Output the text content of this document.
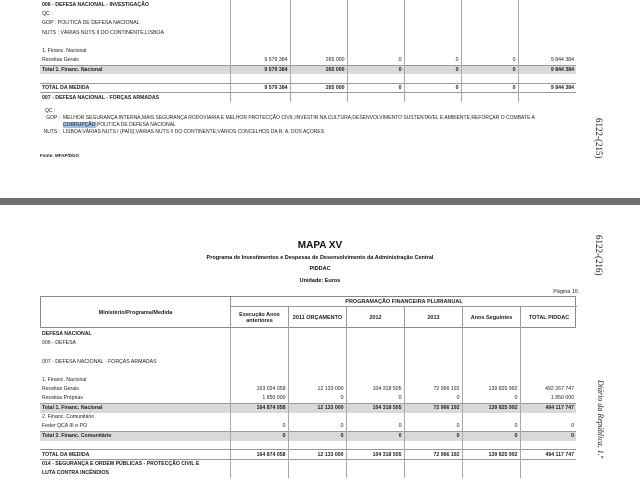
006 - DEFESA NACIONAL - INVESTIGAÇÃO						
QC :						
GOP : POLITICA DE DEFESA NACIONAL						
NUTS : VÁRIAS NUTS II DO CONTINENTE,LISBOA						

1. Financ. Nacional						
Receitas Gerais	9 579 384	265 000	0	0	0	9 844 384
Total 1. Financ. Nacional	9 579 384	265 000	0	0	0	9 844 384

TOTAL DA MEDIDA	9 579 384	265 000	0	0	0	9 844 384
007 - DEFESA NACIONAL - FORÇAS ARMADAS						
QC :
GOP : MELHOR SEGURANÇA INTERNA,MAIS SEGURANÇA RODOVIARIA E MELHOR PROTECÇÃO CIVIL;INVESTIR NA CULTURA;DESENVOLVIMENTO SUSTENTAVEL E AMBIENTE;REFORÇAR O COMBATE A
CORRUPÇÃO;POLITICA DE DEFESA NACIONAL
NUTS : LISBOA;VÁRIAS NUTS I (PAÍS);VÁRIAS NUTS II DO CONTINENTE;VÁRIOS CONCELHOS DA R. A. DOS AÇORES
Fonte: MFAP/DGO	6122-(215)
6122-(216)
Diário da República, 1.ª
MAPA XV
Programa de Investimentos e Despesas de Desenvolvimento da Administração Central
PIDDAC
Unidade: Euros
Página 16
Ministério/Programa/Medida
PROGRAMAÇÃO FINANCEIRA PLURIANUAL
Execução Anos anteriores
2011 ORÇAMENTO	2012	2013	Anos Seguintes	TOTAL PIDDAC
DEFESA NACIONAL						
006 - DEFESA						

007 - DEFESA NACIONAL - FORÇAS ARMADAS						

1. Financ. Nacional						
Receitas Gerais	163 024 058	12 133 000	104 318 505	72 966 192	139 825 992	492 267 747
Receitas Próprias	1 850 000	0	0	0	0	1 850 000
Total 1. Financ. Nacional	164 874 058	12 133 000	104 318 505	72 966 192	139 825 992	494 117 747
2. Financ. Comunitário						
Feder QCA III e PO	0	0	0	0	0	0
Total 2. Financ. Comunitário	0	0	0	0	0	0

TOTAL DA MEDIDA	164 874 058	12 133 000	104 318 505	72 966 192	139 825 992	494 117 747
014 - SEGURANÇA E ORDEM PÚBLICAS - PROTECÇÃO CIVIL E						
LUTA CONTRA INCÊNDIOS						
